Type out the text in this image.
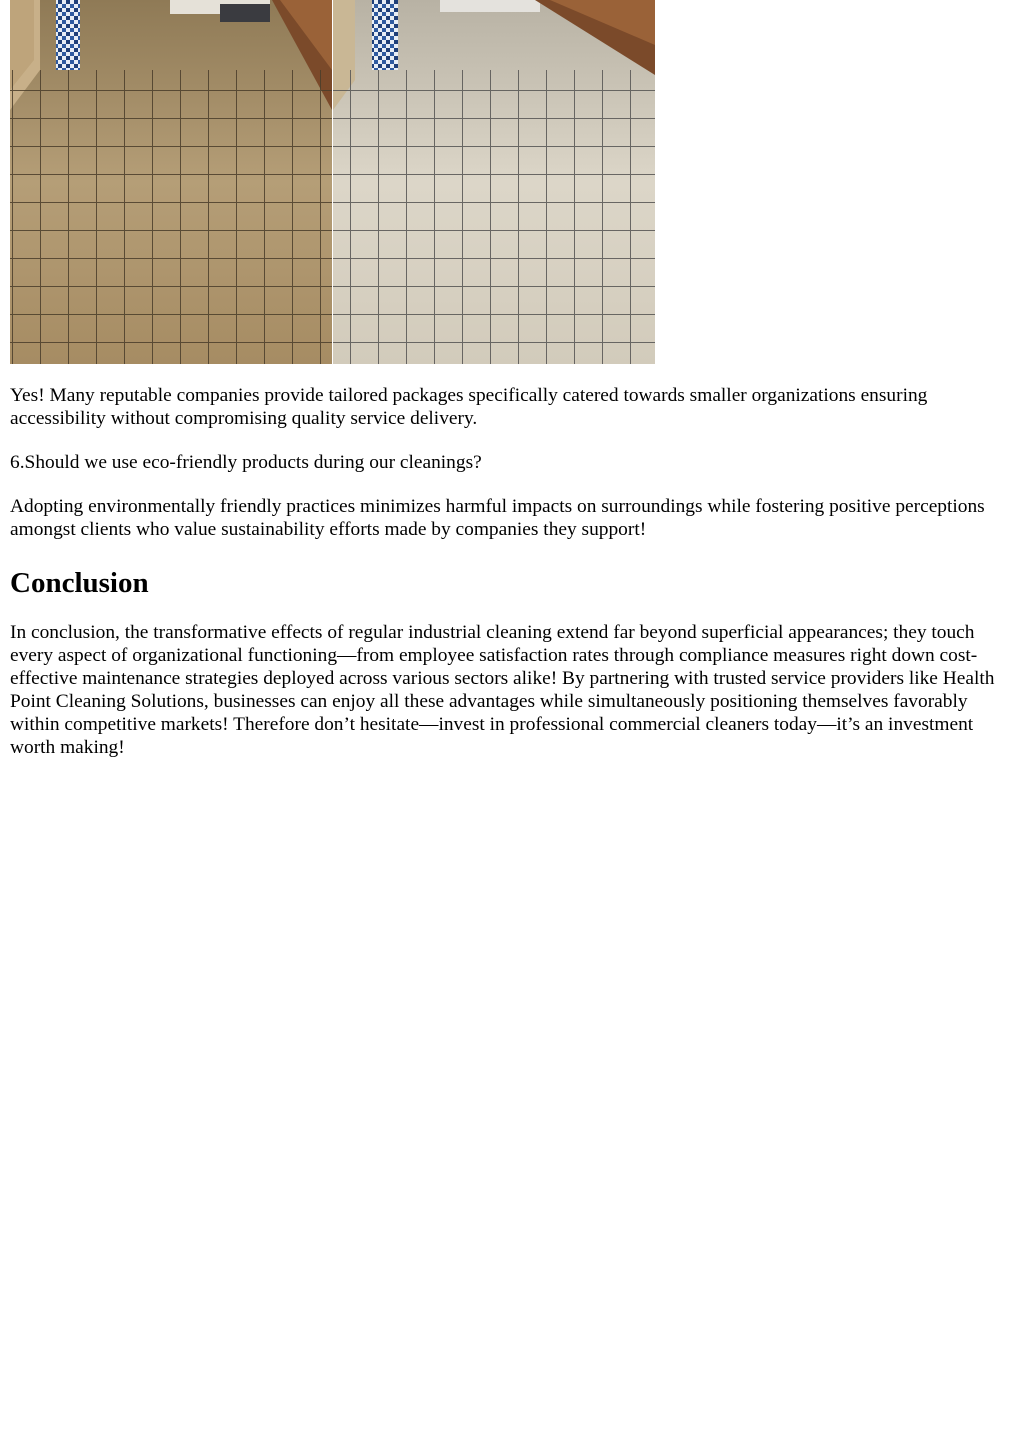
Yes! Many reputable companies provide tailored packages specifically catered towards smaller organizations ensuring accessibility without compromising quality service delivery.

6.Should we use eco-friendly products during our cleanings?

Adopting environmentally friendly practices minimizes harmful impacts on surroundings while fostering positive perceptions amongst clients who value sustainability efforts made by companies they support!

Conclusion

In conclusion, the transformative effects of regular industrial cleaning extend far beyond superficial appearances; they touch every aspect of organizational functioning—from employee satisfaction rates through compliance measures right down cost-effective maintenance strategies deployed across various sectors alike! By partnering with trusted service providers like Health Point Cleaning Solutions, businesses can enjoy all these advantages while simultaneously positioning themselves favorably within competitive markets! Therefore don’t hesitate—invest in professional commercial cleaners today—it’s an investment worth making!
